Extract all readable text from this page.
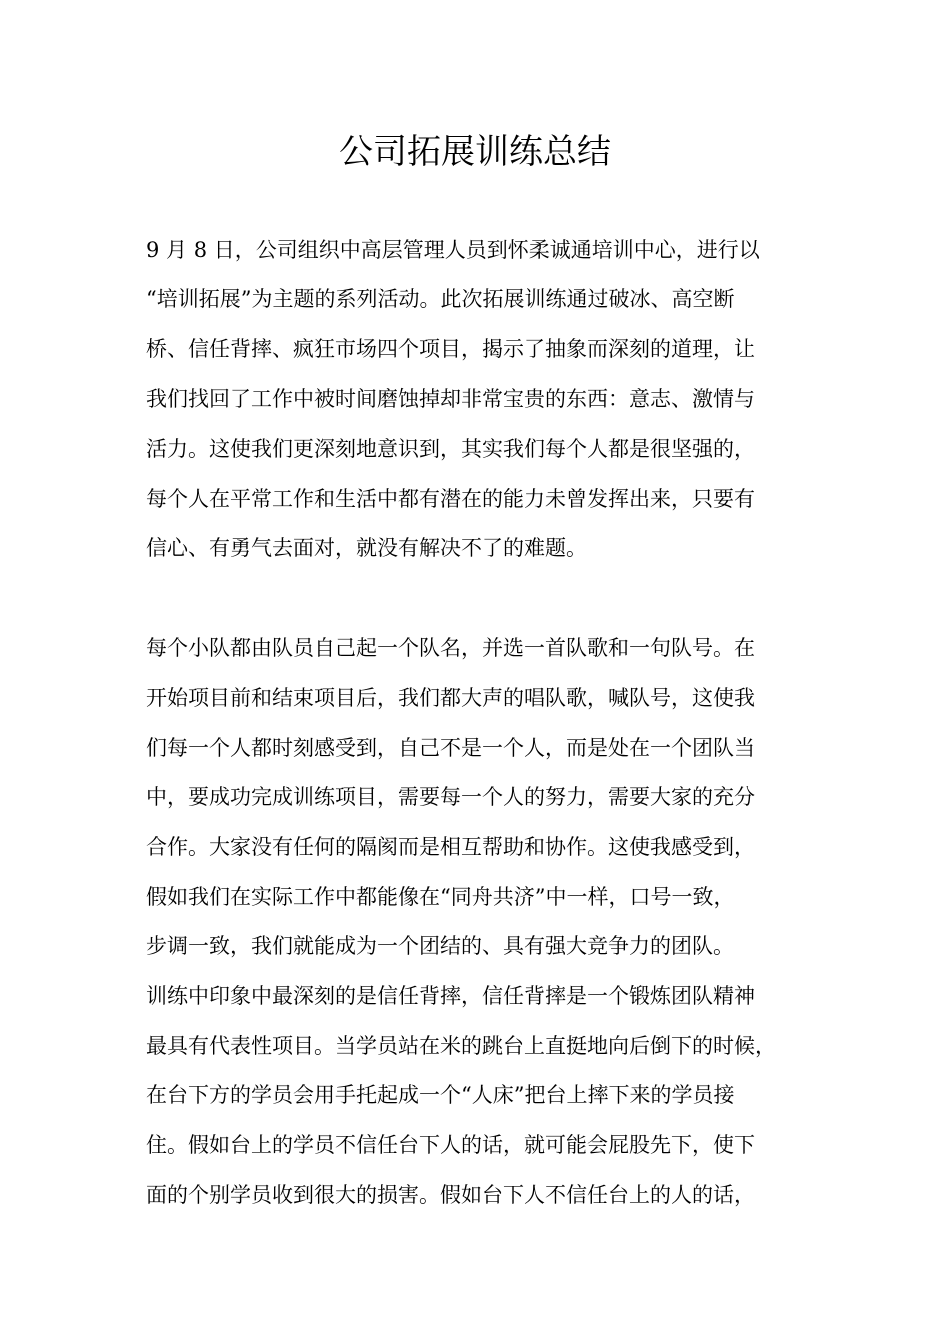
公司拓展训练总结

9 月 8 日，公司组织中高层管理人员到怀柔诚通培训中心，进行以

“培训拓展”为主题的系列活动。此次拓展训练通过破冰、高空断

桥、信任背摔、疯狂市场四个项目，揭示了抽象而深刻的道理，让

我们找回了工作中被时间磨蚀掉却非常宝贵的东西：意志、激情与

活力。这使我们更深刻地意识到，其实我们每个人都是很坚强的，

每个人在平常工作和生活中都有潜在的能力未曾发挥出来，只要有

信心、有勇气去面对，就没有解决不了的难题。

每个小队都由队员自己起一个队名，并选一首队歌和一句队号。在

开始项目前和结束项目后，我们都大声的唱队歌，喊队号，这使我

们每一个人都时刻感受到，自己不是一个人，而是处在一个团队当

中，要成功完成训练项目，需要每一个人的努力，需要大家的充分

合作。大家没有任何的隔阂而是相互帮助和协作。这使我感受到，

假如我们在实际工作中都能像在“同舟共济”中一样，口号一致，

步调一致，我们就能成为一个团结的、具有强大竞争力的团队。

训练中印象中最深刻的是信任背摔，信任背摔是一个锻炼团队精神

最具有代表性项目。当学员站在米的跳台上直挺地向后倒下的时候，

在台下方的学员会用手托起成一个“人床”把台上摔下来的学员接

住。假如台上的学员不信任台下人的话，就可能会屁股先下，使下

面的个别学员收到很大的损害。假如台下人不信任台上的人的话，
